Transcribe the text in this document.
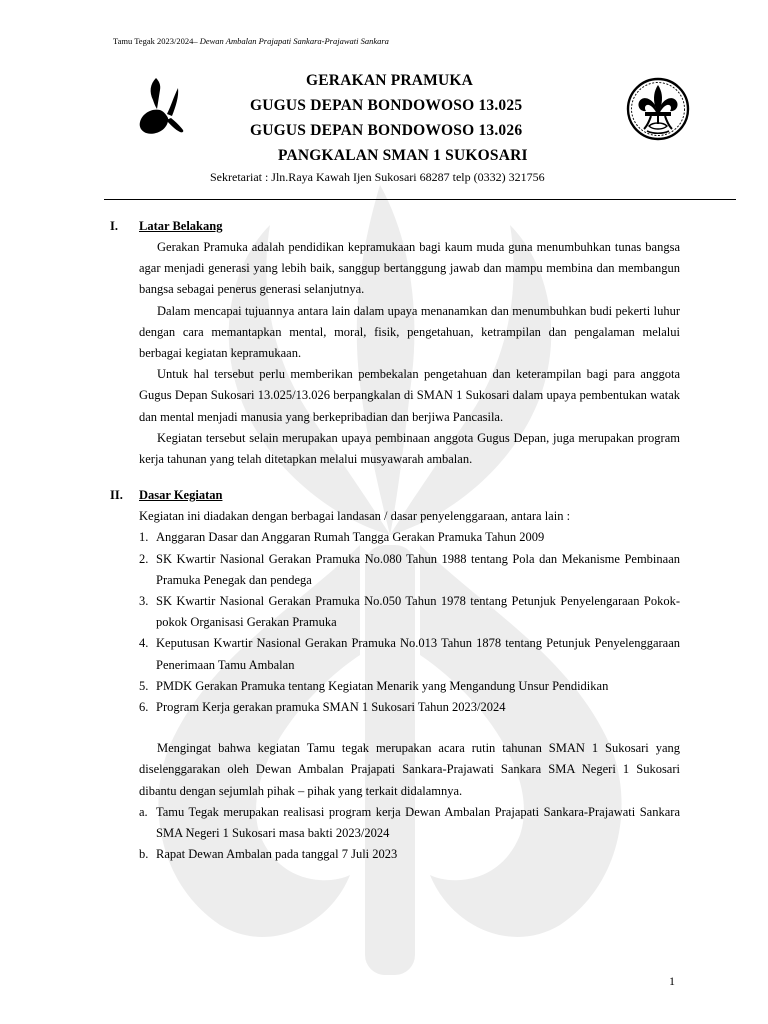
Tamu Tegak 2023/2024– Dewan Ambalan Prajapati Sankara-Prajawati Sankara
GERAKAN PRAMUKA
GUGUS DEPAN BONDOWOSO 13.025
GUGUS DEPAN BONDOWOSO 13.026
PANGKALAN SMAN 1 SUKOSARI
Sekretariat : Jln.Raya Kawah Ijen Sukosari 68287 telp (0332) 321756
I. Latar Belakang

Gerakan Pramuka adalah pendidikan kepramukaan bagi kaum muda guna menumbuhkan tunas bangsa agar menjadi generasi yang lebih baik, sanggup bertanggung jawab dan mampu membina dan membangun bangsa sebagai penerus generasi selanjutnya.

Dalam mencapai tujuannya antara lain dalam upaya menanamkan dan menumbuhkan budi pekerti luhur dengan cara memantapkan mental, moral, fisik, pengetahuan, ketrampilan dan pengalaman melalui berbagai kegiatan kepramukaan.

Untuk hal tersebut perlu memberikan pembekalan pengetahuan dan keterampilan bagi para anggota Gugus Depan Sukosari 13.025/13.026 berpangkalan di SMAN 1 Sukosari dalam upaya pembentukan watak dan mental menjadi manusia yang berkepribadian dan berjiwa Pancasila.

Kegiatan tersebut selain merupakan upaya pembinaan anggota Gugus Depan, juga merupakan program kerja tahunan yang telah ditetapkan melalui musyawarah ambalan.

II. Dasar Kegiatan

Kegiatan ini diadakan dengan berbagai landasan / dasar penyelenggaraan, antara lain :

1. Anggaran Dasar dan Anggaran Rumah Tangga Gerakan Pramuka Tahun 2009
2. SK Kwartir Nasional Gerakan Pramuka No.080 Tahun 1988 tentang Pola dan Mekanisme Pembinaan Pramuka Penegak dan pendega
3. SK Kwartir Nasional Gerakan Pramuka No.050 Tahun 1978 tentang Petunjuk Penyelengaraan Pokok-pokok Organisasi Gerakan Pramuka
4. Keputusan Kwartir Nasional Gerakan Pramuka No.013 Tahun 1878 tentang Petunjuk Penyelenggaraan Penerimaan Tamu Ambalan
5. PMDK Gerakan Pramuka tentang Kegiatan Menarik yang Mengandung Unsur Pendidikan
6. Program Kerja gerakan pramuka SMAN 1 Sukosari Tahun 2023/2024

Mengingat bahwa kegiatan Tamu tegak merupakan acara rutin tahunan SMAN 1 Sukosari yang diselenggarakan oleh Dewan Ambalan Prajapati Sankara-Prajawati Sankara SMA Negeri 1 Sukosari dibantu dengan sejumlah pihak – pihak yang terkait didalamnya.

a. Tamu Tegak merupakan realisasi program kerja Dewan Ambalan Prajapati Sankara-Prajawati Sankara SMA Negeri 1 Sukosari masa bakti 2023/2024
b. Rapat Dewan Ambalan pada tanggal 7 Juli 2023
1
